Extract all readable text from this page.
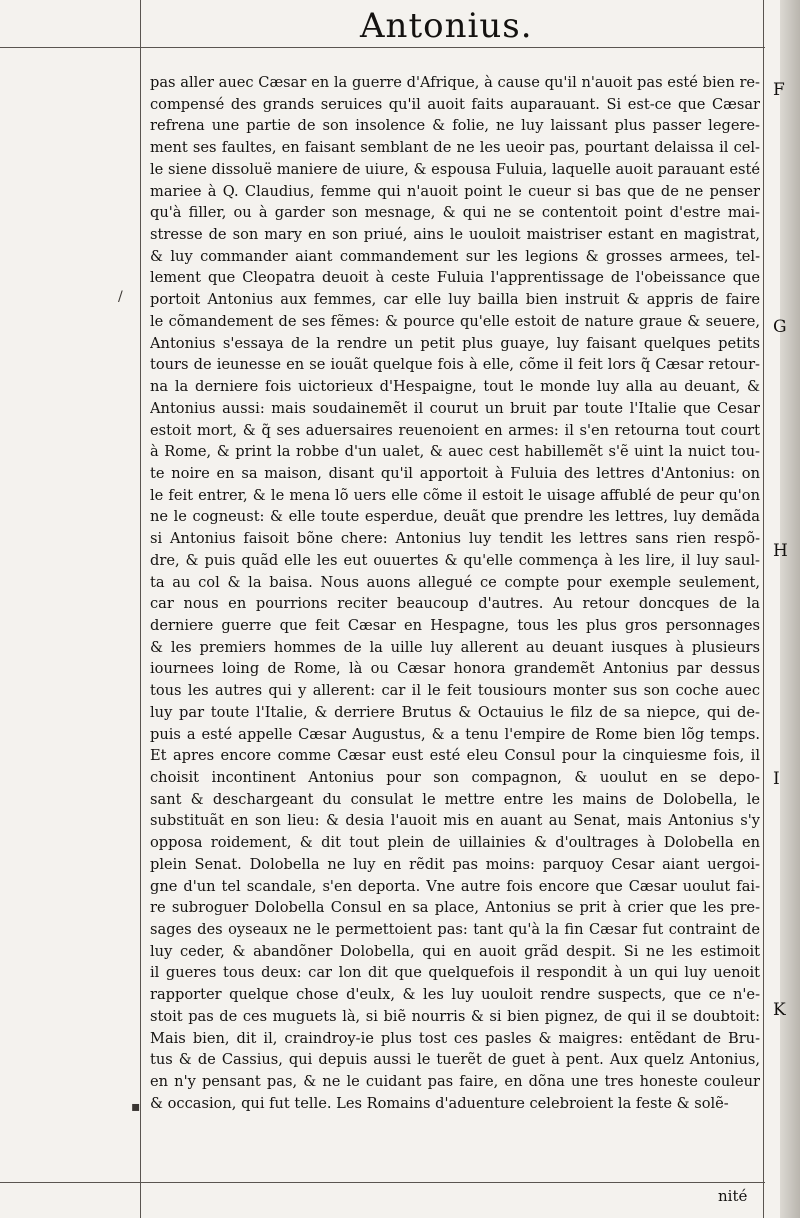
Antonius.
pas aller auec Cæsar en la guerre d'Afrique, à cause qu'il n'auoit pas esté bien re-
compensé des grands seruices qu'il auoit faits auparauant. Si est-ce que Cæsar
refrena une partie de son insolence & folie, ne luy laissant plus passer legere-
ment ses faultes, en faisant semblant de ne les ueoir pas, pourtant delaissa il cel-
le siene dissoluë maniere de uiure, & espousa Fuluia, laquelle auoit parauant esté
mariee à Q. Claudius, femme qui n'auoit point le cueur si bas que de ne penser
qu'à filler, ou à garder son mesnage, & qui ne se contentoit point d'estre mai-
stresse de son mary en son priué, ains le uouloit maistriser estant en magistrat,
& luy commander aiant commandement sur les legions & grosses armees, tel-
lement que Cleopatra deuoit à ceste Fuluia l'apprentissage de l'obeissance que
portoit Antonius aux femmes, car elle luy bailla bien instruit & appris de faire
le cõmandement de ses fẽmes: & pource qu'elle estoit de nature graue & seuere,
Antonius s'essaya de la rendre un petit plus guaye, luy faisant quelques petits
tours de ieunesse en se iouãt quelque fois à elle, cõme il feit lors q̃ Cæsar retour-
na la derniere fois uictorieux d'Hespaigne, tout le monde luy alla au deuant, &
Antonius aussi: mais soudainemẽt il courut un bruit par toute l'Italie que Cesar
estoit mort, & q̃ ses aduersaires reuenoient en armes: il s'en retourna tout court
à Rome, & print la robbe d'un ualet, & auec cest habillemẽt s'ẽ uint la nuict tou-
te noire en sa maison, disant qu'il apportoit à Fuluia des lettres d'Antonius: on
le feit entrer, & le mena lõ uers elle cõme il estoit le uisage affublé de peur qu'on
ne le cogneust: & elle toute esperdue, deuãt que prendre les lettres, luy demãda
si Antonius faisoit bõne chere: Antonius luy tendit les lettres sans rien respõ-
dre, & puis quãd elle les eut ouuertes & qu'elle commença à les lire, il luy saul-
ta au col & la baisa. Nous auons allegué ce compte pour exemple seulement,
car nous en pourrions reciter beaucoup d'autres. Au retour doncques de la
derniere guerre que feit Cæsar en Hespagne, tous les plus gros personnages
& les premiers hommes de la uille luy allerent au deuant iusques à plusieurs
iournees loing de Rome, là ou Cæsar honora grandemẽt Antonius par dessus
tous les autres qui y allerent: car il le feit tousiours monter sus son coche auec
luy par toute l'Italie, & derriere Brutus & Octauius le filz de sa niepce, qui de-
puis a esté appelle Cæsar Augustus, & a tenu l'empire de Rome bien lõg temps.
Et apres encore comme Cæsar eust esté eleu Consul pour la cinquiesme fois, il
choisit incontinent Antonius pour son compagnon, & uoulut en se depo-
sant & deschargeant du consulat le mettre entre les mains de Dolobella, le
substituãt en son lieu: & desia l'auoit mis en auant au Senat, mais Antonius s'y
opposa roidement, & dit tout plein de uillainies & d'oultrages à Dolobella en
plein Senat. Dolobella ne luy en rẽdit pas moins: parquoy Cesar aiant uergoi-
gne d'un tel scandale, s'en deporta. Vne autre fois encore que Cæsar uoulut fai-
re subroguer Dolobella Consul en sa place, Antonius se prit à crier que les pre-
sages des oyseaux ne le permettoient pas: tant qu'à la fin Cæsar fut contraint de
luy ceder, & abandõner Dolobella, qui en auoit grãd despit. Si ne les estimoit
il gueres tous deux: car lon dit que quelquefois il respondit à un qui luy uenoit
rapporter quelque chose d'eulx, & les luy uouloit rendre suspects, que ce n'e-
stoit pas de ces muguets là, si biẽ nourris & si bien pignez, de qui il se doubtoit:
Mais bien, dit il, craindroy-ie plus tost ces pasles & maigres: entẽdant de Bru-
tus & de Cassius, qui depuis aussi le tuerẽt de guet à pent. Aux quelz Antonius,
en n'y pensant pas, & ne le cuidant pas faire, en dõna une tres honeste couleur
& occasion, qui fut telle. Les Romains d'aduenture celebroient la feste & solẽ-
F
G
H
I
K
/
▪
nité
